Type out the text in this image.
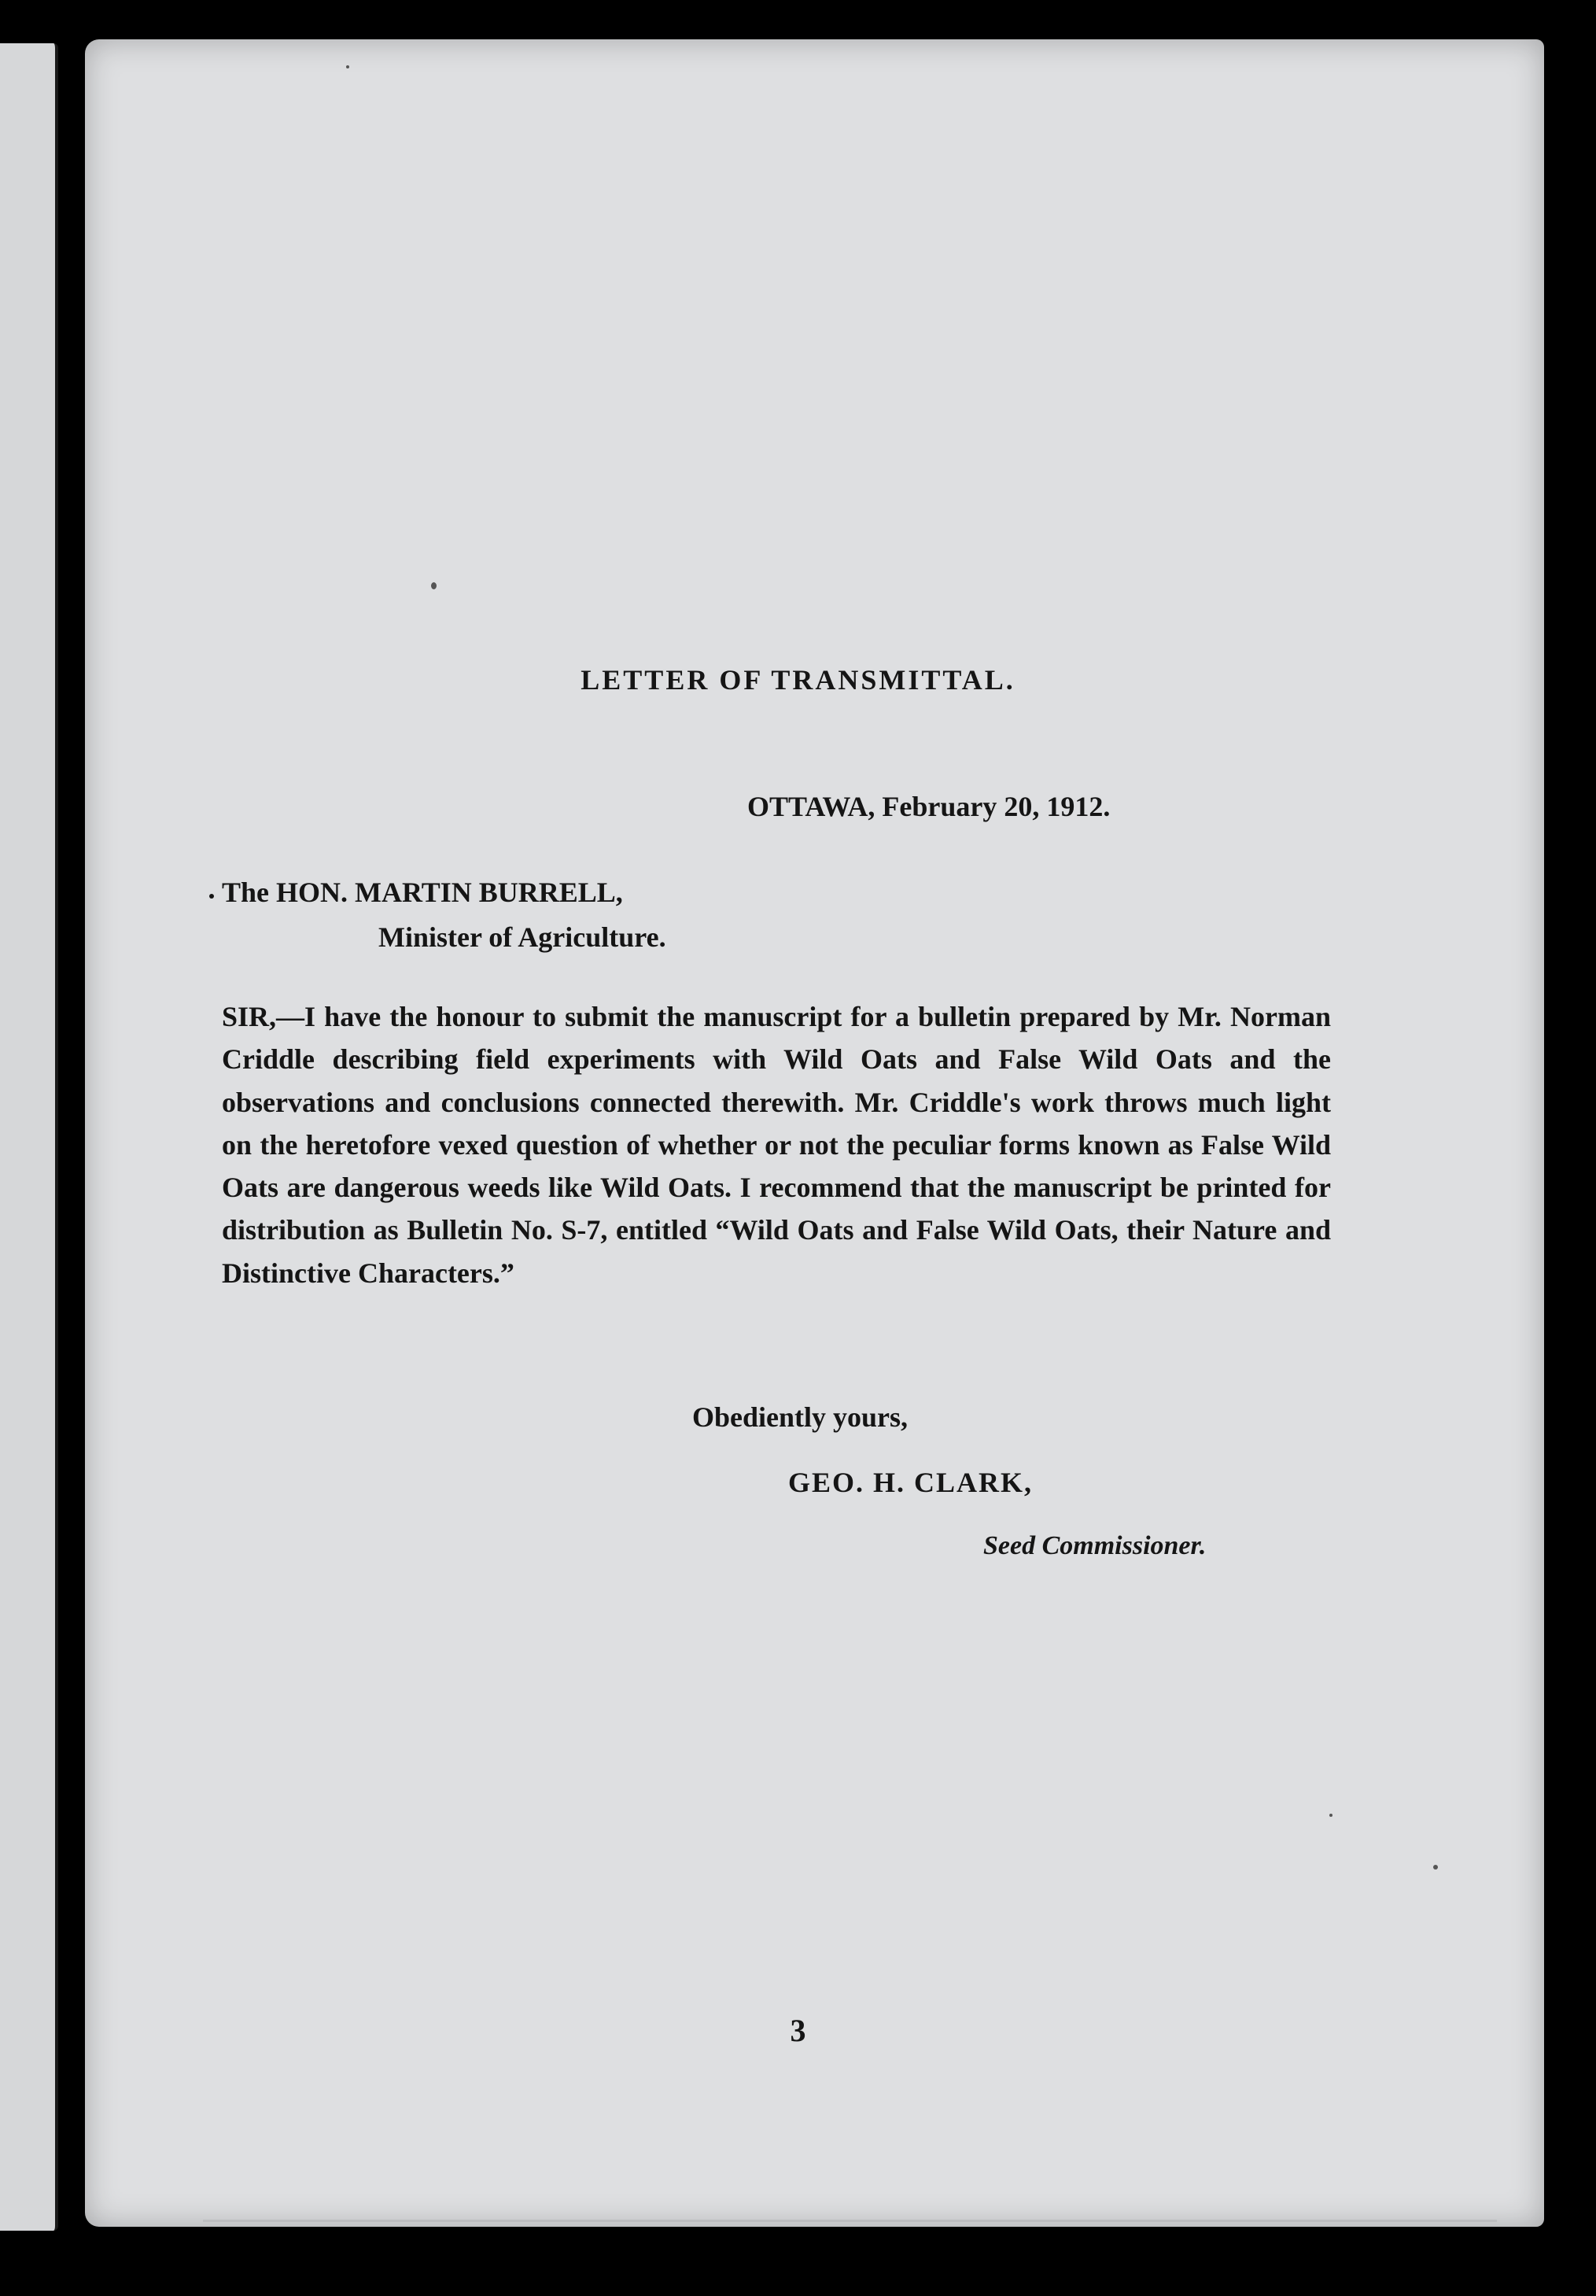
LETTER OF TRANSMITTAL.
OTTAWA, February 20, 1912.
The HON. MARTIN BURRELL,
Minister of Agriculture.
SIR,—I have the honour to submit the manuscript for a bulletin prepared by Mr. Norman Criddle describing field experiments with Wild Oats and False Wild Oats and the observations and conclusions connected therewith. Mr. Criddle's work throws much light on the heretofore vexed question of whether or not the peculiar forms known as False Wild Oats are dangerous weeds like Wild Oats. I recommend that the manuscript be printed for distribution as Bulletin No. S-7, entitled “Wild Oats and False Wild Oats, their Nature and Distinctive Characters.”
Obediently yours,
GEO. H. CLARK,
Seed Commissioner.
3
